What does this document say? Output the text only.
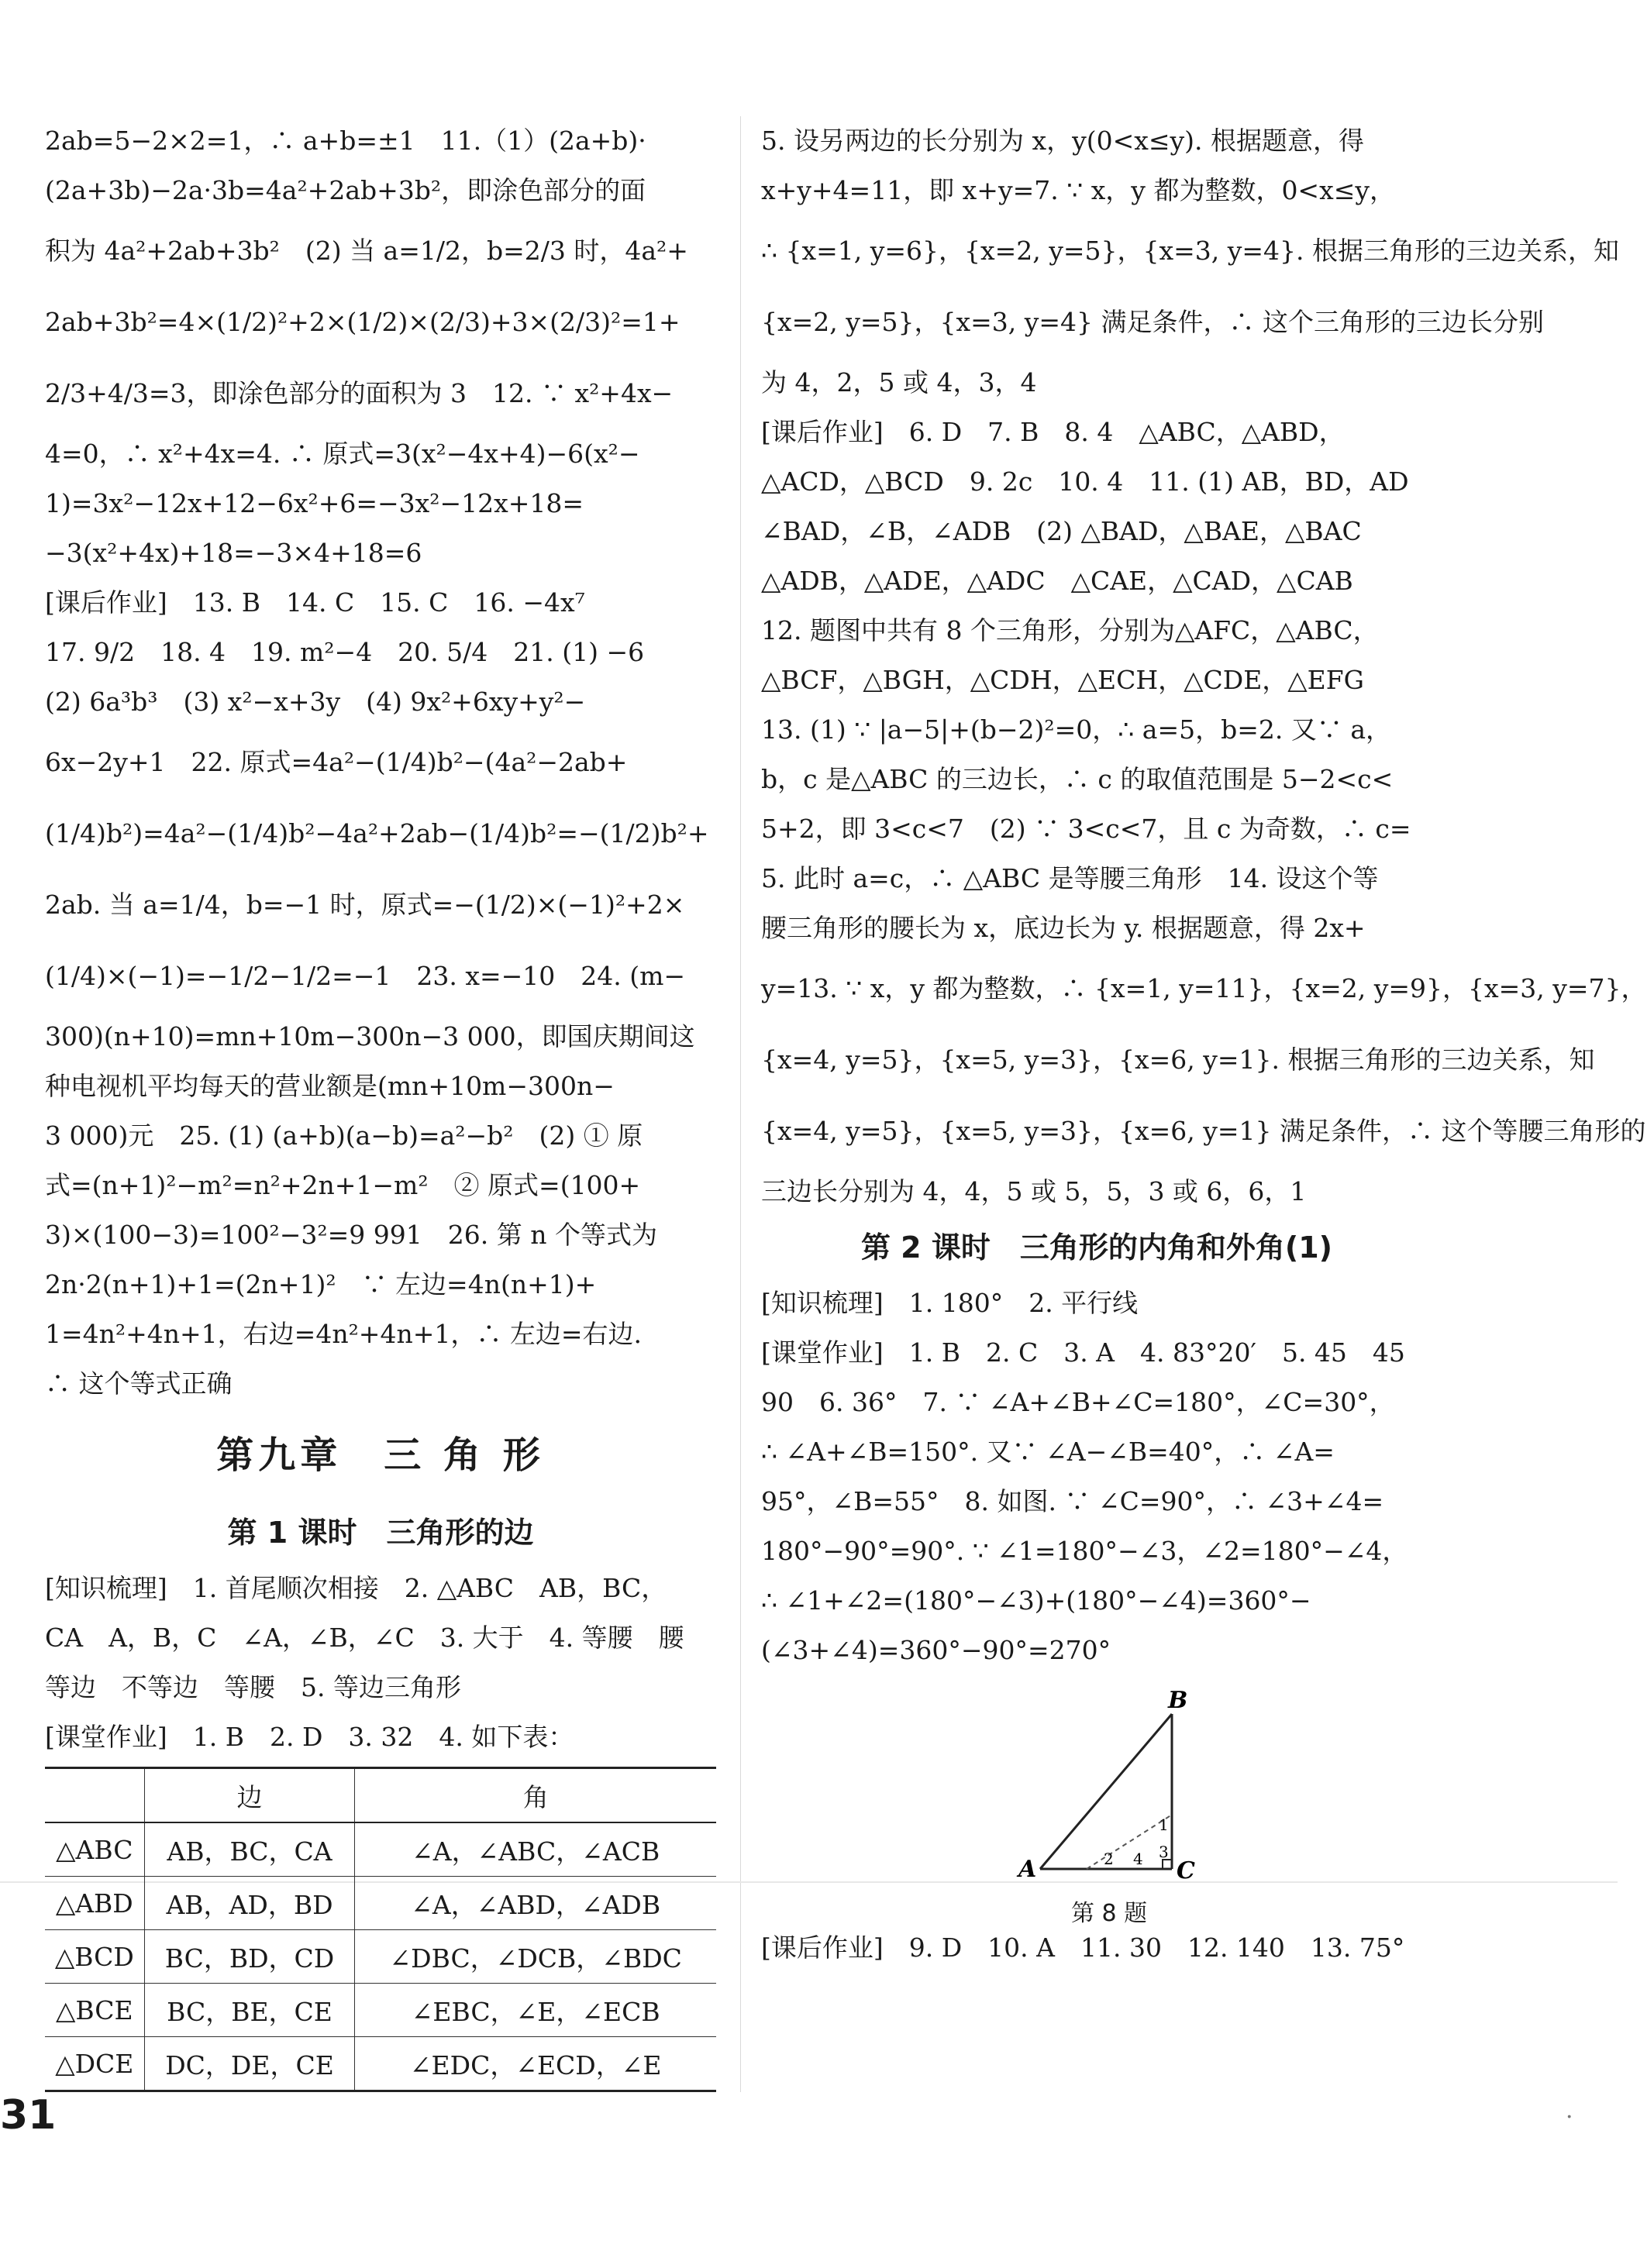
2ab=5−2×2=1，∴ a+b=±1　11.（1）(2a+b)·
(2a+3b)−2a·3b=4a²+2ab+3b²，即涂色部分的面
积为 4a²+2ab+3b²　(2) 当 a=1/2，b=2/3 时，4a²+
2ab+3b²=4×(1/2)²+2×(1/2)×(2/3)+3×(2/3)²=1+
2/3+4/3=3，即涂色部分的面积为 3　12. ∵ x²+4x−
4=0，∴ x²+4x=4. ∴ 原式=3(x²−4x+4)−6(x²−
1)=3x²−12x+12−6x²+6=−3x²−12x+18=
−3(x²+4x)+18=−3×4+18=6
[课后作业]　13. B　14. C　15. C　16. −4x⁷
17. 9/2　18. 4　19. m²−4　20. 5/4　21. (1) −6
(2) 6a³b³　(3) x²−x+3y　(4) 9x²+6xy+y²−
6x−2y+1　22. 原式=4a²−(1/4)b²−(4a²−2ab+
(1/4)b²)=4a²−(1/4)b²−4a²+2ab−(1/4)b²=−(1/2)b²+
2ab. 当 a=1/4，b=−1 时，原式=−(1/2)×(−1)²+2×
(1/4)×(−1)=−1/2−1/2=−1　23. x=−10　24. (m−
300)(n+10)=mn+10m−300n−3 000，即国庆期间这
种电视机平均每天的营业额是(mn+10m−300n−
3 000)元　25. (1) (a+b)(a−b)=a²−b²　(2) ① 原
式=(n+1)²−m²=n²+2n+1−m²　② 原式=(100+
3)×(100−3)=100²−3²=9 991　26. 第 n 个等式为
2n·2(n+1)+1=(2n+1)²　∵ 左边=4n(n+1)+
1=4n²+4n+1，右边=4n²+4n+1，∴ 左边=右边.
∴ 这个等式正确
第九章　三 角 形
第 1 课时　三角形的边
[知识梳理]　1. 首尾顺次相接　2. △ABC　AB，BC，
CA　A，B，C　∠A，∠B，∠C　3. 大于　4. 等腰　腰
等边　不等边　等腰　5. 等边三角形
[课堂作业]　1. B　2. D　3. 32　4. 如下表：
	边	角
△ABC	AB，BC，CA	∠A，∠ABC，∠ACB
△ABD	AB，AD，BD	∠A，∠ABD，∠ADB
△BCD	BC，BD，CD	∠DBC，∠DCB，∠BDC
△BCE	BC，BE，CE	∠EBC，∠E，∠ECB
△DCE	DC，DE，CE	∠EDC，∠ECD，∠E
5. 设另两边的长分别为 x，y(0<x≤y). 根据题意，得
x+y+4=11，即 x+y=7. ∵ x，y 都为整数，0<x≤y，
∴ {x=1, y=6}，{x=2, y=5}，{x=3, y=4}. 根据三角形的三边关系，知
{x=2, y=5}，{x=3, y=4} 满足条件，∴ 这个三角形的三边长分别
为 4，2，5 或 4，3，4
[课后作业]　6. D　7. B　8. 4　△ABC，△ABD，
△ACD，△BCD　9. 2c　10. 4　11. (1) AB，BD，AD
∠BAD，∠B，∠ADB　(2) △BAD，△BAE，△BAC
△ADB，△ADE，△ADC　△CAE，△CAD，△CAB
12. 题图中共有 8 个三角形，分别为△AFC，△ABC，
△BCF，△BGH，△CDH，△ECH，△CDE，△EFG
13. (1) ∵ |a−5|+(b−2)²=0，∴ a=5，b=2. 又∵ a，
b，c 是△ABC 的三边长，∴ c 的取值范围是 5−2<c<
5+2，即 3<c<7　(2) ∵ 3<c<7，且 c 为奇数，∴ c=
5. 此时 a=c，∴ △ABC 是等腰三角形　14. 设这个等
腰三角形的腰长为 x，底边长为 y. 根据题意，得 2x+
y=13. ∵ x，y 都为整数，∴ {x=1, y=11}，{x=2, y=9}，{x=3, y=7}，
{x=4, y=5}，{x=5, y=3}，{x=6, y=1}. 根据三角形的三边关系，知
{x=4, y=5}，{x=5, y=3}，{x=6, y=1} 满足条件，∴ 这个等腰三角形的
三边长分别为 4，4，5 或 5，5，3 或 6，6，1
第 2 课时　三角形的内角和外角(1)
[知识梳理]　1. 180°　2. 平行线
[课堂作业]　1. B　2. C　3. A　4. 83°20′　5. 45　45
90　6. 36°　7. ∵ ∠A+∠B+∠C=180°，∠C=30°，
∴ ∠A+∠B=150°. 又∵ ∠A−∠B=40°，∴ ∠A=
95°，∠B=55°　8. 如图. ∵ ∠C=90°，∴ ∠3+∠4=
180°−90°=90°. ∵ ∠1=180°−∠3，∠2=180°−∠4，
∴ ∠1+∠2=(180°−∠3)+(180°−∠4)=360°−
(∠3+∠4)=360°−90°=270°
B
A	C
1
2	3
4
第 8 题
[课后作业]　9. D　10. A　11. 30　12. 140　13. 75°
31	·
